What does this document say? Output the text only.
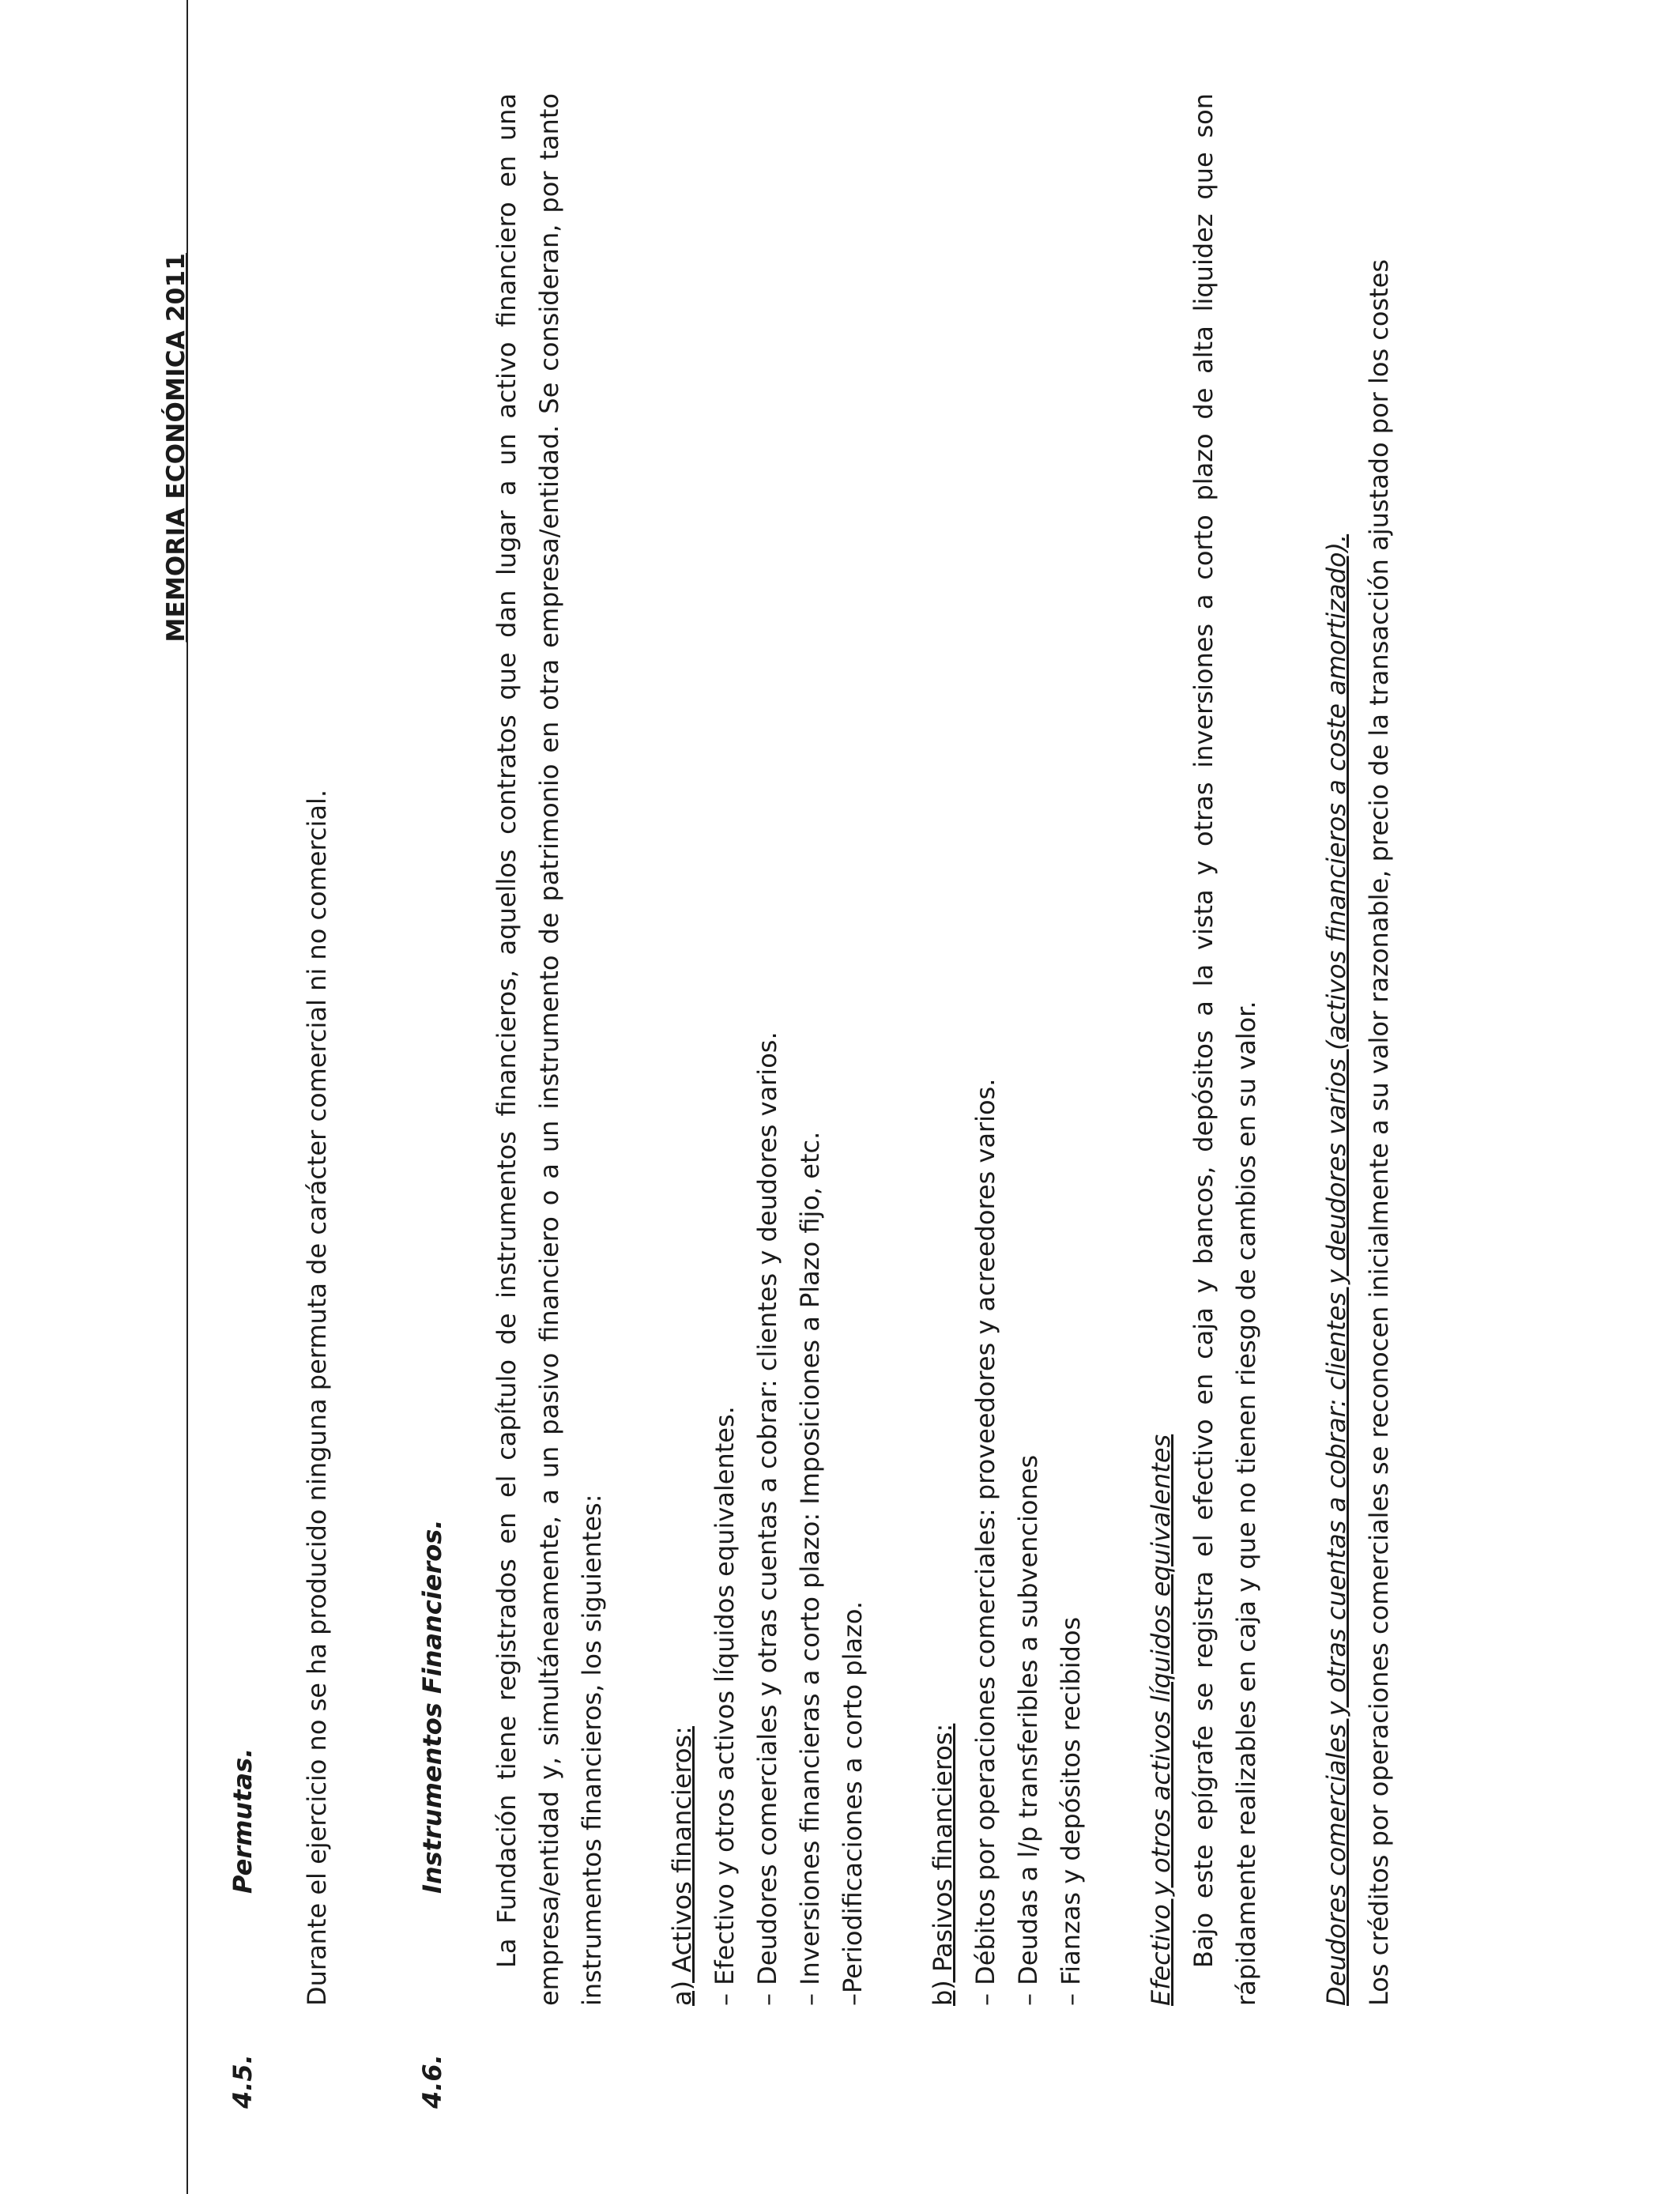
MEMORIA ECONÓMICA 2011
4.5.
Permutas. Durante el ejercicio no se ha producido ninguna permuta de carácter comercial ni no comercial.

4.6.
Instrumentos Financieros. La Fundación tiene registrados en el capítulo de instrumentos financieros, aquellos contratos que dan lugar a un activo financiero en una empresa/entidad y, simultáneamente, a un pasivo financiero o a un instrumento de patrimonio en otra empresa/entidad. Se consideran, por tanto instrumentos financieros, los siguientes: a) Activos financieros: – Efectivo y otros activos líquidos equivalentes. – Deudores comerciales y otras cuentas a cobrar: clientes y deudores varios. – Inversiones financieras a corto plazo: Imposiciones a Plazo fijo, etc. –Periodificaciones a corto plazo. b) Pasivos financieros: – Débitos por operaciones comerciales: proveedores y acreedores varios. – Deudas a l/p transferibles a subvenciones – Fianzas y depósitos recibidos Efectivo y otros activos líquidos equivalentes Bajo este epígrafe se registra el efectivo en caja y bancos, depósitos a la vista y otras inversiones a corto plazo de alta liquidez que son rápidamente realizables en caja y que no tienen riesgo de cambios en su valor. Deudores comerciales y otras cuentas a cobrar: clientes y deudores varios (activos financieros a coste amortizado). Los créditos por operaciones comerciales se reconocen inicialmente a su valor razonable, precio de la transacción ajustado por los costes
